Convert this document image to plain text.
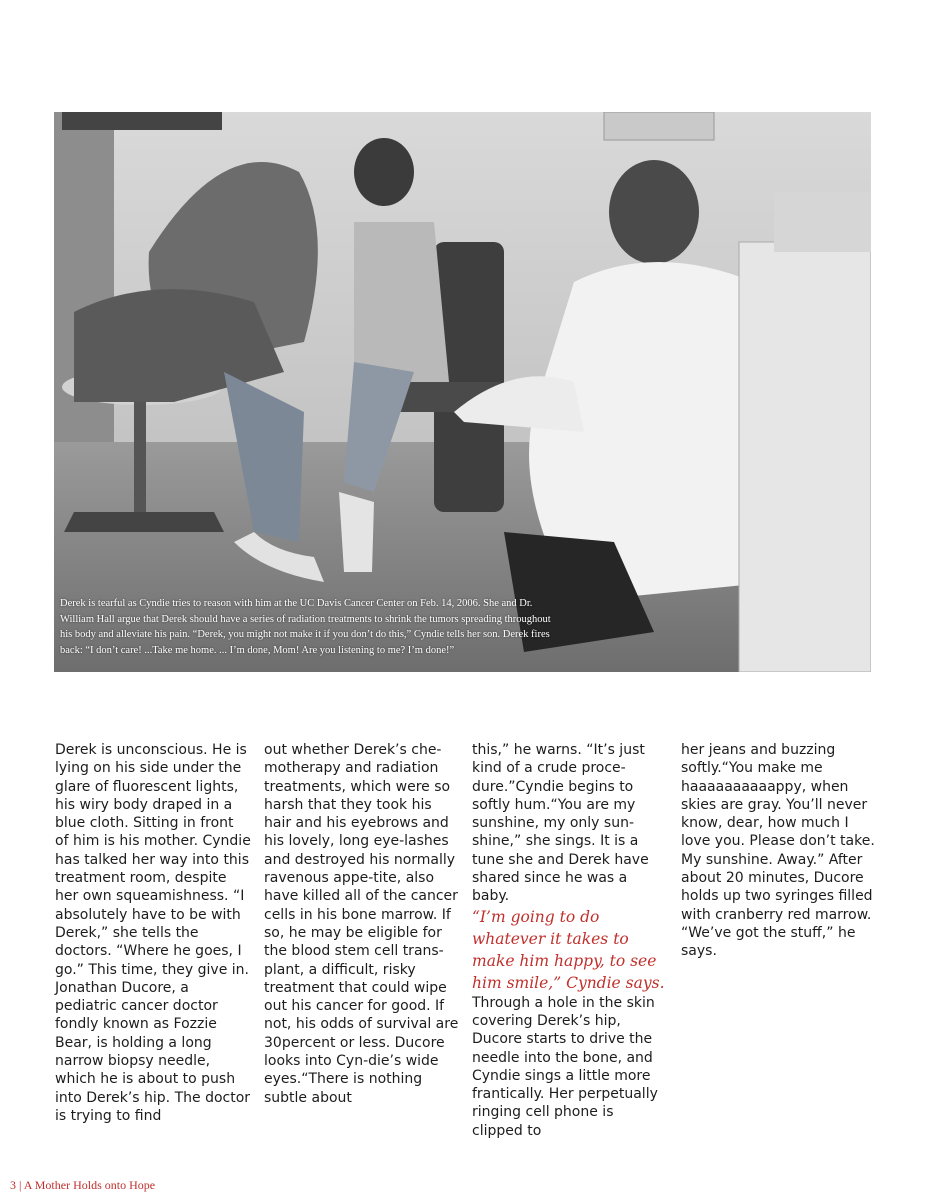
Derek is tearful as Cyndie tries to reason with him at the UC Davis Cancer Center on Feb. 14, 2006. She and Dr. William Hall argue that Derek should have a series of radiation treatments to shrink the tumors spreading throughout his body and alleviate his pain. “Derek, you might not make it if you don’t do this,” Cyndie tells her son. Derek fires back: “I don’t care! ...Take me home. ... I’m done, Mom! Are you listening to me? I’m done!”

Derek is unconscious. He is lying on his side under the glare of fluorescent lights, his wiry body draped in a blue cloth. Sitting in front of him is his mother. Cyndie has talked her way into this treatment room, despite her own squeamishness. “I absolutely have to be with Derek,” she tells the doctors. “Where he goes, I go.” This time, they give in. Jonathan Ducore, a pediatric cancer doctor fondly known as Fozzie Bear, is holding a long narrow biopsy needle, which he is about to push into Derek’s hip. The doctor is trying to find

out whether Derek’s che-motherapy and radiation treatments, which were so harsh that they took his hair and his eyebrows and his lovely, long eye-lashes and destroyed his normally ravenous appe-tite, also have killed all of the cancer cells in his bone marrow. If so, he may be eligible for the blood stem cell trans-plant, a difficult, risky treatment that could wipe out his cancer for good. If not, his odds of survival are 30percent or less. Ducore looks into Cyn-die’s wide eyes.“There is nothing subtle about

this,” he warns. “It’s just kind of a crude proce-dure.”Cyndie begins to softly hum.“You are my sunshine, my only sun-shine,” she sings. It is a tune she and Derek have shared since he was a baby.

“I’m going to do whatever it takes to make him happy, to see him smile,” Cyndie says.

Through a hole in the skin covering Derek’s hip, Ducore starts to drive the needle into the bone, and Cyndie sings a little more frantically. Her perpetually ringing cell phone is clipped to

her jeans and buzzing softly.“You make me haaaaaaaaaappy, when skies are gray. You’ll never know, dear, how much I love you. Please don’t take. My sunshine. Away.” After about 20 minutes, Ducore holds up two syringes filled with cranberry red marrow. “We’ve got the stuff,” he says.

3 | A Mother Holds onto Hope
